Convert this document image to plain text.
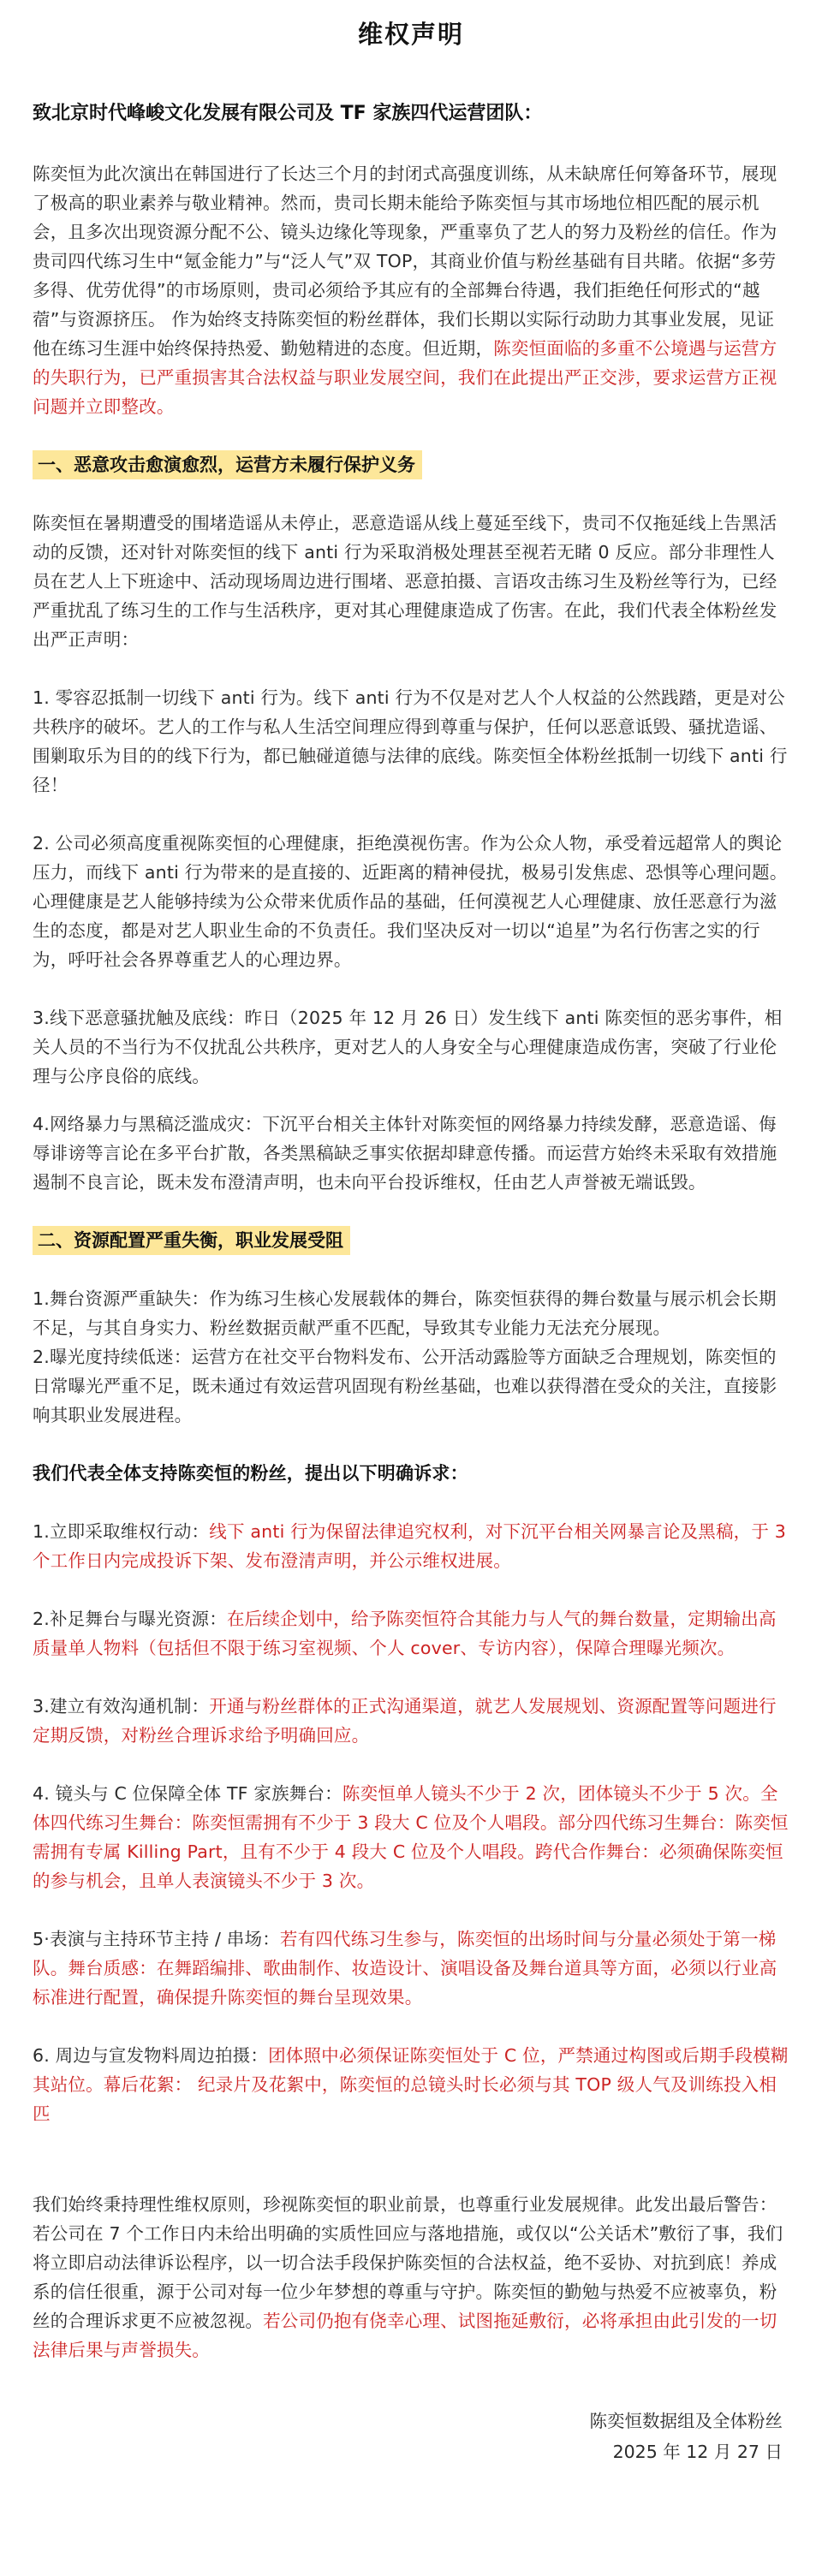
维权声明
致北京时代峰峻文化发展有限公司及 TF 家族四代运营团队：

陈奕恒为此次演出在韩国进行了长达三个月的封闭式高强度训练，从未缺席任何筹备环节，展现了极高的职业素养与敬业精神。然而，贵司长期未能给予陈奕恒与其市场地位相匹配的展示机会，且多次出现资源分配不公、镜头边缘化等现象，严重辜负了艺人的努力及粉丝的信任。作为贵司四代练习生中“氪金能力”与“泛人气”双 TOP，其商业价值与粉丝基础有目共睹。依据“多劳多得、优劳优得”的市场原则，贵司必须给予其应有的全部舞台待遇，我们拒绝任何形式的“越蓿”与资源挤压。 作为始终支持陈奕恒的粉丝群体，我们长期以实际行动助力其事业发展，见证他在练习生涯中始终保持热爱、勤勉精进的态度。但近期，陈奕恒面临的多重不公境遇与运营方的失职行为，已严重损害其合法权益与职业发展空间，我们在此提出严正交涉，要求运营方正视问题并立即整改。

一、恶意攻击愈演愈烈，运营方未履行保护义务

陈奕恒在暑期遭受的围堵造谣从未停止，恶意造谣从线上蔓延至线下，贵司不仅拖延线上告黑活动的反馈，还对针对陈奕恒的线下 anti 行为采取消极处理甚至视若无睹 0 反应。部分非理性人员在艺人上下班途中、活动现场周边进行围堵、恶意拍摄、言语攻击练习生及粉丝等行为，已经严重扰乱了练习生的工作与生活秩序，更对其心理健康造成了伤害。在此，我们代表全体粉丝发出严正声明：

1. 零容忍抵制一切线下 anti 行为。线下 anti 行为不仅是对艺人个人权益的公然践踏，更是对公共秩序的破坏。艺人的工作与私人生活空间理应得到尊重与保护，任何以恶意诋毁、骚扰造谣、围剿取乐为目的的线下行为，都已触碰道德与法律的底线。陈奕恒全体粉丝抵制一切线下 anti 行径！

2. 公司必须高度重视陈奕恒的心理健康，拒绝漠视伤害。作为公众人物，承受着远超常人的舆论压力，而线下 anti 行为带来的是直接的、近距离的精神侵扰，极易引发焦虑、恐惧等心理问题。心理健康是艺人能够持续为公众带来优质作品的基础，任何漠视艺人心理健康、放任恶意行为滋生的态度，都是对艺人职业生命的不负责任。我们坚决反对一切以“追星”为名行伤害之实的行为，呼吁社会各界尊重艺人的心理边界。

3.线下恶意骚扰触及底线：昨日（2025 年 12 月 26 日）发生线下 anti 陈奕恒的恶劣事件，相关人员的不当行为不仅扰乱公共秩序，更对艺人的人身安全与心理健康造成伤害，突破了行业伦理与公序良俗的底线。

4.网络暴力与黑稿泛滥成灾：下沉平台相关主体针对陈奕恒的网络暴力持续发酵，恶意造谣、侮辱诽谤等言论在多平台扩散，各类黑稿缺乏事实依据却肆意传播。而运营方始终未采取有效措施遏制不良言论，既未发布澄清声明，也未向平台投诉维权，任由艺人声誉被无端诋毁。

二、资源配置严重失衡，职业发展受阻

1.舞台资源严重缺失：作为练习生核心发展载体的舞台，陈奕恒获得的舞台数量与展示机会长期不足，与其自身实力、粉丝数据贡献严重不匹配，导致其专业能力无法充分展现。

2.曝光度持续低迷：运营方在社交平台物料发布、公开活动露脸等方面缺乏合理规划，陈奕恒的日常曝光严重不足，既未通过有效运营巩固现有粉丝基础，也难以获得潜在受众的关注，直接影响其职业发展进程。

我们代表全体支持陈奕恒的粉丝，提出以下明确诉求：

1.立即采取维权行动：线下 anti 行为保留法律追究权利，对下沉平台相关网暴言论及黑稿，于 3 个工作日内完成投诉下架、发布澄清声明，并公示维权进展。

2.补足舞台与曝光资源：在后续企划中，给予陈奕恒符合其能力与人气的舞台数量，定期输出高质量单人物料（包括但不限于练习室视频、个人 cover、专访内容），保障合理曝光频次。

3.建立有效沟通机制：开通与粉丝群体的正式沟通渠道，就艺人发展规划、资源配置等问题进行定期反馈，对粉丝合理诉求给予明确回应。

4. 镜头与 C 位保障全体 TF 家族舞台：陈奕恒单人镜头不少于 2 次，团体镜头不少于 5 次。全体四代练习生舞台：陈奕恒需拥有不少于 3 段大 C 位及个人唱段。部分四代练习生舞台：陈奕恒需拥有专属 Killing Part，且有不少于 4 段大 C 位及个人唱段。跨代合作舞台：必须确保陈奕恒的参与机会，且单人表演镜头不少于 3 次。

5·表演与主持环节主持 / 串场：若有四代练习生参与，陈奕恒的出场时间与分量必须处于第一梯队。舞台质感：在舞蹈编排、歌曲制作、妆造设计、演唱设备及舞台道具等方面，必须以行业高标准进行配置，确保提升陈奕恒的舞台呈现效果。

6. 周边与宣发物料周边拍摄：团体照中必须保证陈奕恒处于 C 位，严禁通过构图或后期手段模糊其站位。幕后花絮： 纪录片及花絮中，陈奕恒的总镜头时长必须与其 TOP 级人气及训练投入相匹

我们始终秉持理性维权原则，珍视陈奕恒的职业前景，也尊重行业发展规律。此发出最后警告：若公司在 7 个工作日内未给出明确的实质性回应与落地措施，或仅以“公关话术”敷衍了事，我们将立即启动法律诉讼程序，以一切合法手段保护陈奕恒的合法权益，绝不妥协、对抗到底！养成系的信任很重，源于公司对每一位少年梦想的尊重与守护。陈奕恒的勤勉与热爱不应被辜负，粉丝的合理诉求更不应被忽视。若公司仍抱有侥幸心理、试图拖延敷衍，必将承担由此引发的一切法律后果与声誉损失。

陈奕恒数据组及全体粉丝
2025 年 12 月 27 日
